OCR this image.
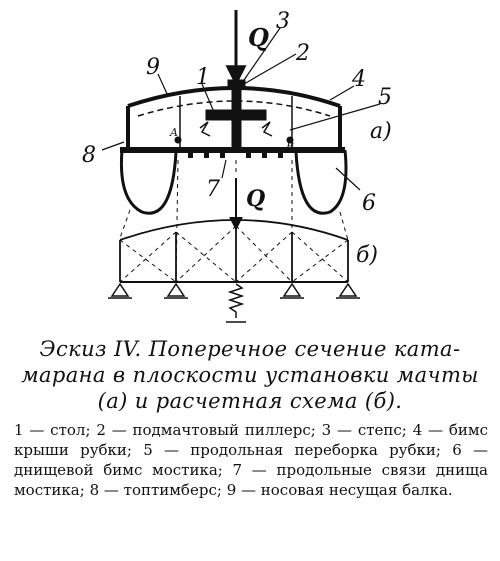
Q
3
2
1
9	4
5
а)
8
A
B
7 Q	6
б)
Эскиз IV. Поперечное сечение ката-
марана в плоскости установки мачты
(а) и расчетная схема (б).
1 — стол; 2 — подмачтовый пиллерс; 3 — степс; 4 — бимс крыши рубки; 5 — продольная переборка рубки; 6 — днищевой бимс мостика; 7 — продольные связи днища мостика; 8 — топтимберс; 9 — носовая несущая балка.
